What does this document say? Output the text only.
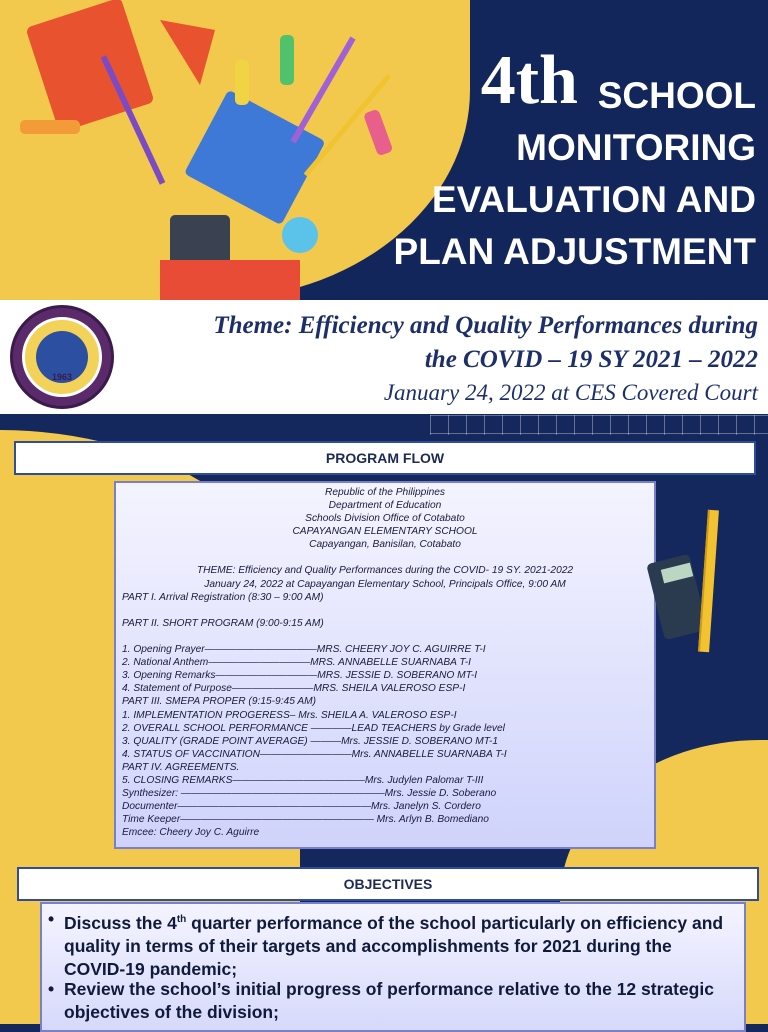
4th SCHOOL
MONITORING
EVALUATION AND
PLAN ADJUSTMENT
1963
Theme: Efficiency and Quality Performances during
the COVID – 19 SY 2021 – 2022
January 24, 2022 at CES Covered Court
PROGRAM FLOW
Republic of the Philippines
Department of Education
Schools Division Office of Cotabato
CAPAYANGAN ELEMENTARY SCHOOL
Capayangan, Banisilan, Cotabato
THEME: Efficiency and Quality Performances during the COVID- 19 SY. 2021-2022
January 24, 2022 at Capayangan Elementary School, Principals Office, 9:00 AM
PART I. Arrival Registration (8:30 – 9:00 AM)
PART II. SHORT PROGRAM (9:00-9:15 AM)
1. Opening Prayer———————————MRS. CHEERY JOY C. AGUIRRE T-I
2. National Anthem——————————MRS. ANNABELLE SUARNABA T-I
3. Opening Remarks——————————MRS. JESSIE D. SOBERANO MT-I
4. Statement of Purpose————————MRS. SHEILA VALEROSO ESP-I
PART III. SMEPA PROPER (9:15-9:45 AM)
1. IMPLEMENTATION PROGERESS– Mrs. SHEILA A. VALEROSO ESP-I
2. OVERALL SCHOOL PERFORMANCE ————LEAD TEACHERS by Grade level
3. QUALITY (GRADE POINT AVERAGE) ———Mrs. JESSIE D. SOBERANO MT-1
4. STATUS OF VACCINATION—————————Mrs. ANNABELLE SUARNABA T-I
PART IV. AGREEMENTS.
5. CLOSING REMARKS—————————————Mrs. Judylen Palomar T-III
Synthesizer: ————————————————————Mrs. Jessie D. Soberano
Documenter———————————————————Mrs. Janelyn S. Cordero
Time Keeper——————————————————— Mrs. Arlyn B. Bomediano
Emcee: Cheery Joy C. Aguirre
OBJECTIVES
• Discuss the 4th quarter performance of the school particularly on efficiency and quality in terms of their targets and accomplishments for 2021 during the COVID-19 pandemic;
• Review the school’s initial progress of performance relative to the 12 strategic objectives of the division;
